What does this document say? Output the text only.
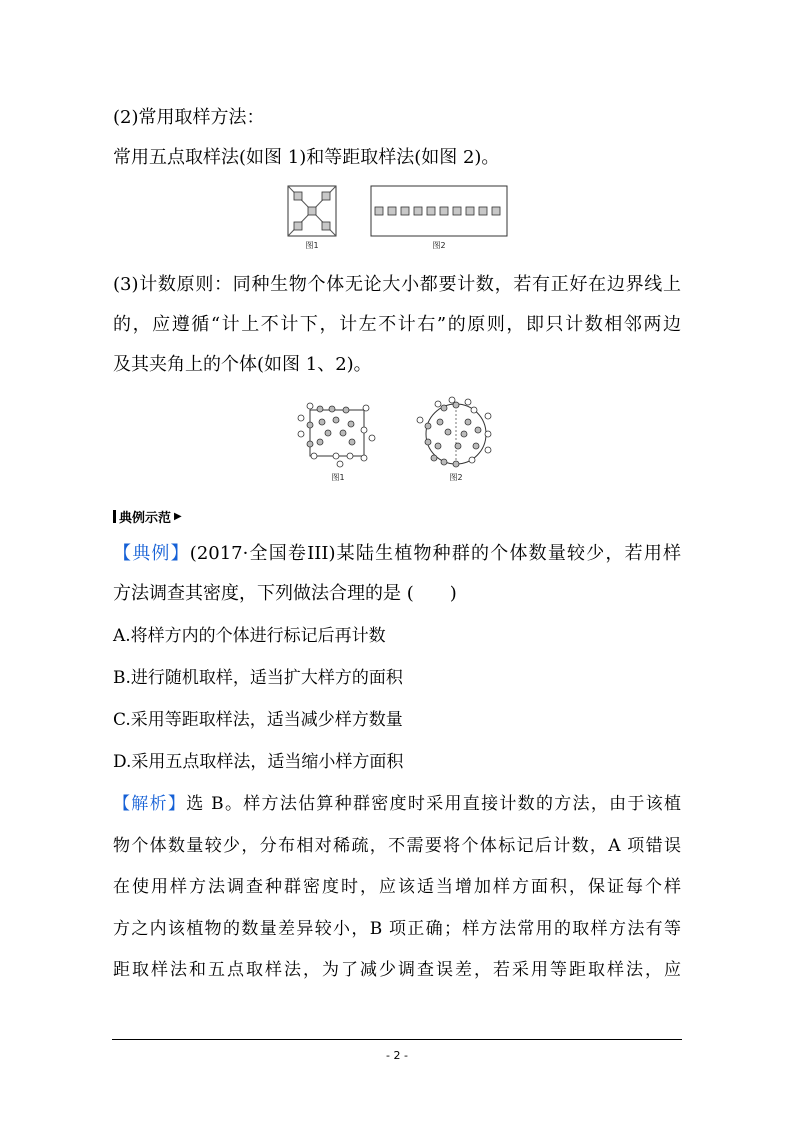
(2)常用取样方法：
常用五点取样法(如图 1)和等距取样法(如图 2)。
图1	图2
(3)计数原则：同种生物个体无论大小都要计数，若有正好在边界线上
的，应遵循“计上不计下，计左不计右”的原则，即只计数相邻两边
及其夹角上的个体(如图 1、2)。
图1	图2
典例示范 ▶
【典例】(2017·全国卷III)某陆生植物种群的个体数量较少，若用样
方法调查其密度，下列做法合理的是 (　　)
A.将样方内的个体进行标记后再计数
B.进行随机取样，适当扩大样方的面积
C.采用等距取样法，适当减少样方数量
D.采用五点取样法，适当缩小样方面积
【解析】选 B。样方法估算种群密度时采用直接计数的方法，由于该植
物个体数量较少，分布相对稀疏，不需要将个体标记后计数，A 项错误
在使用样方法调查种群密度时，应该适当增加样方面积，保证每个样
方之内该植物的数量差异较小，B 项正确；样方法常用的取样方法有等
距取样法和五点取样法，为了减少调查误差，若采用等距取样法，应
- 2 -
